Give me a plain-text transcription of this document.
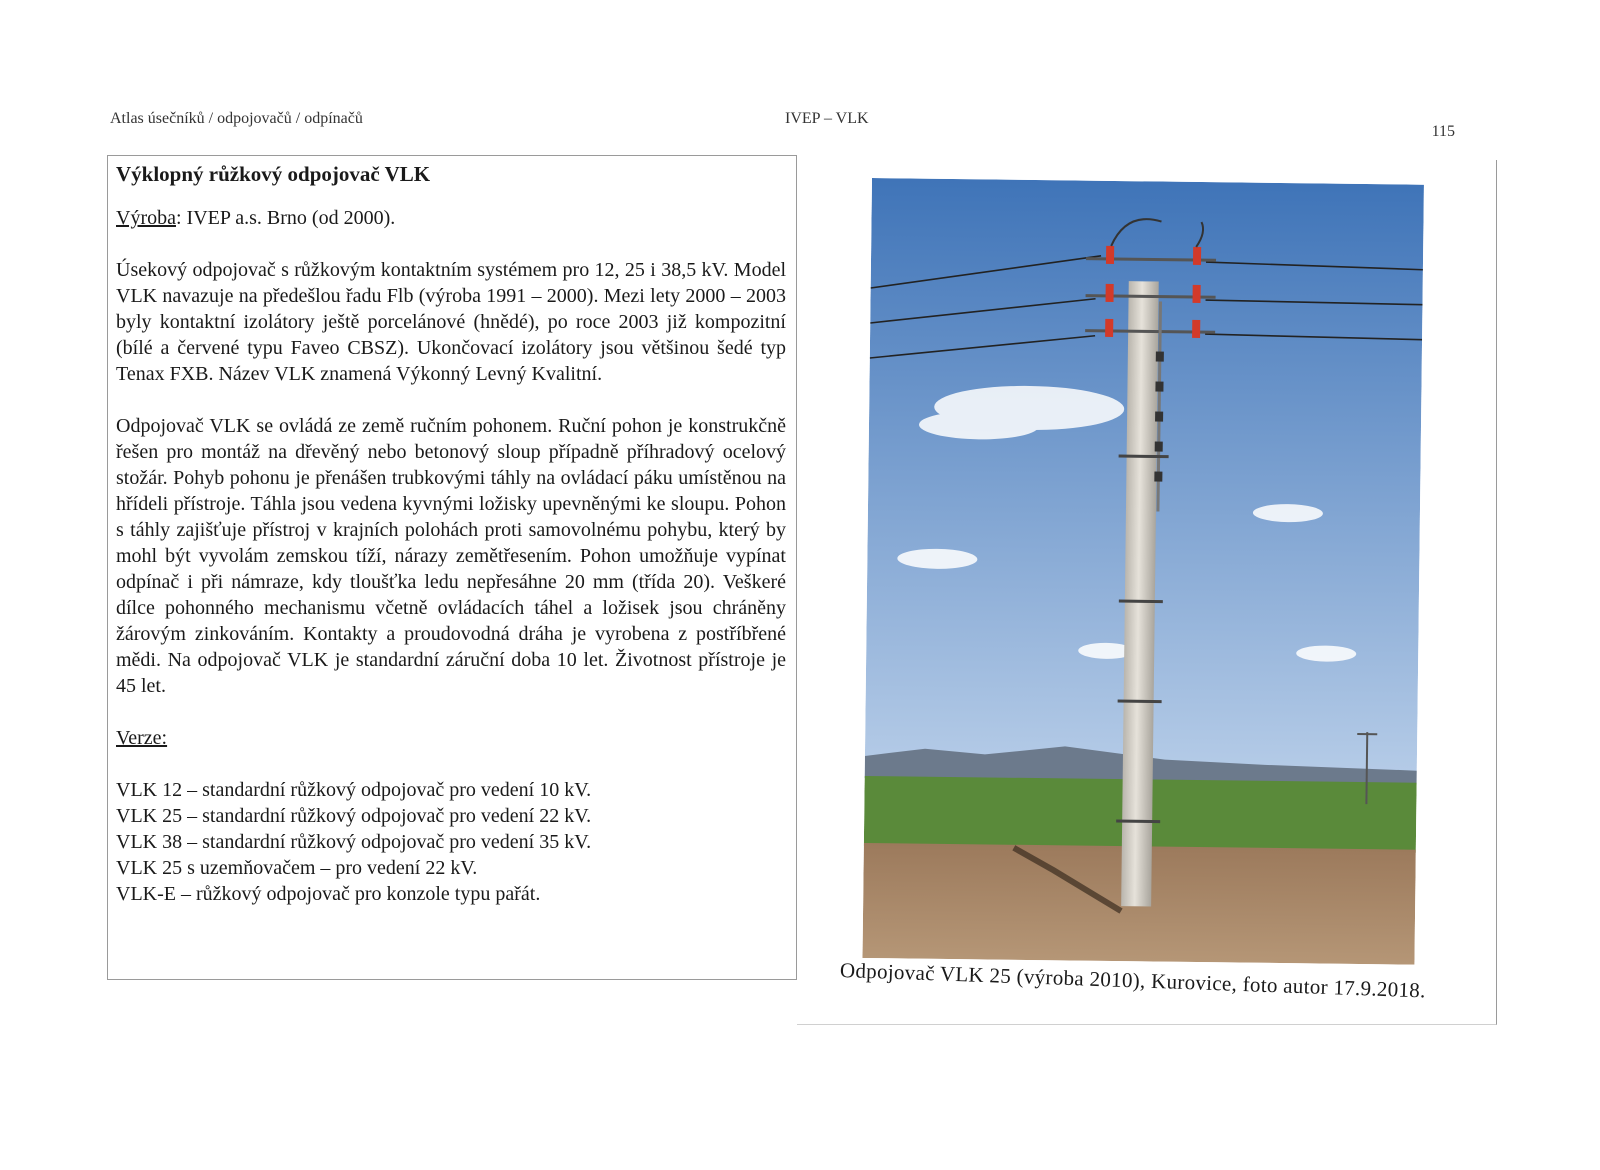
Atlas úsečníků / odpojovačů / odpínačů	IVEP – VLK
115

Výklopný růžkový odpojovač VLK

Výroba: IVEP a.s. Brno (od 2000).

Úsekový odpojovač s růžkovým kontaktním systémem pro 12, 25 i 38,5 kV. Model VLK navazuje na předešlou řadu Flb (výroba 1991 – 2000). Mezi lety 2000 – 2003 byly kontaktní izolátory ještě porcelánové (hnědé), po roce 2003 již kompozitní (bílé a červené typu Faveo CBSZ). Ukončovací izolátory jsou většinou šedé typ Tenax FXB. Název VLK znamená Výkonný Levný Kvalitní.

Odpojovač VLK se ovládá ze země ručním pohonem. Ruční pohon je konstrukčně řešen pro montáž na dřevěný nebo betonový sloup případně příhradový ocelový stožár. Pohyb pohonu je přenášen trubkovými táhly na ovládací páku umístěnou na hřídeli přístroje. Táhla jsou vedena kyvnými ložisky upevněnými ke sloupu. Pohon s táhly zajišťuje přístroj v krajních polohách proti samovolnému pohybu, který by mohl být vyvolám zemskou tíží, nárazy zemětřesením. Pohon umožňuje vypínat odpínač i při námraze, kdy tloušťka ledu nepřesáhne 20 mm (třída 20). Veškeré dílce pohonného mechanismu včetně ovládacích táhel a ložisek jsou chráněny žárovým zinkováním. Kontakty a proudovodná dráha je vyrobena z postříbřené mědi. Na odpojovač VLK je standardní záruční doba 10 let. Životnost přístroje je 45 let.

Verze:

VLK 12 – standardní růžkový odpojovač pro vedení 10 kV.

VLK 25 – standardní růžkový odpojovač pro vedení 22 kV.

VLK 38 – standardní růžkový odpojovač pro vedení 35 kV.

VLK 25 s uzemňovačem – pro vedení 22 kV.

VLK-E – růžkový odpojovač pro konzole typu pařát.

Odpojovač VLK 25 (výroba 2010), Kurovice, foto autor 17.9.2018.
